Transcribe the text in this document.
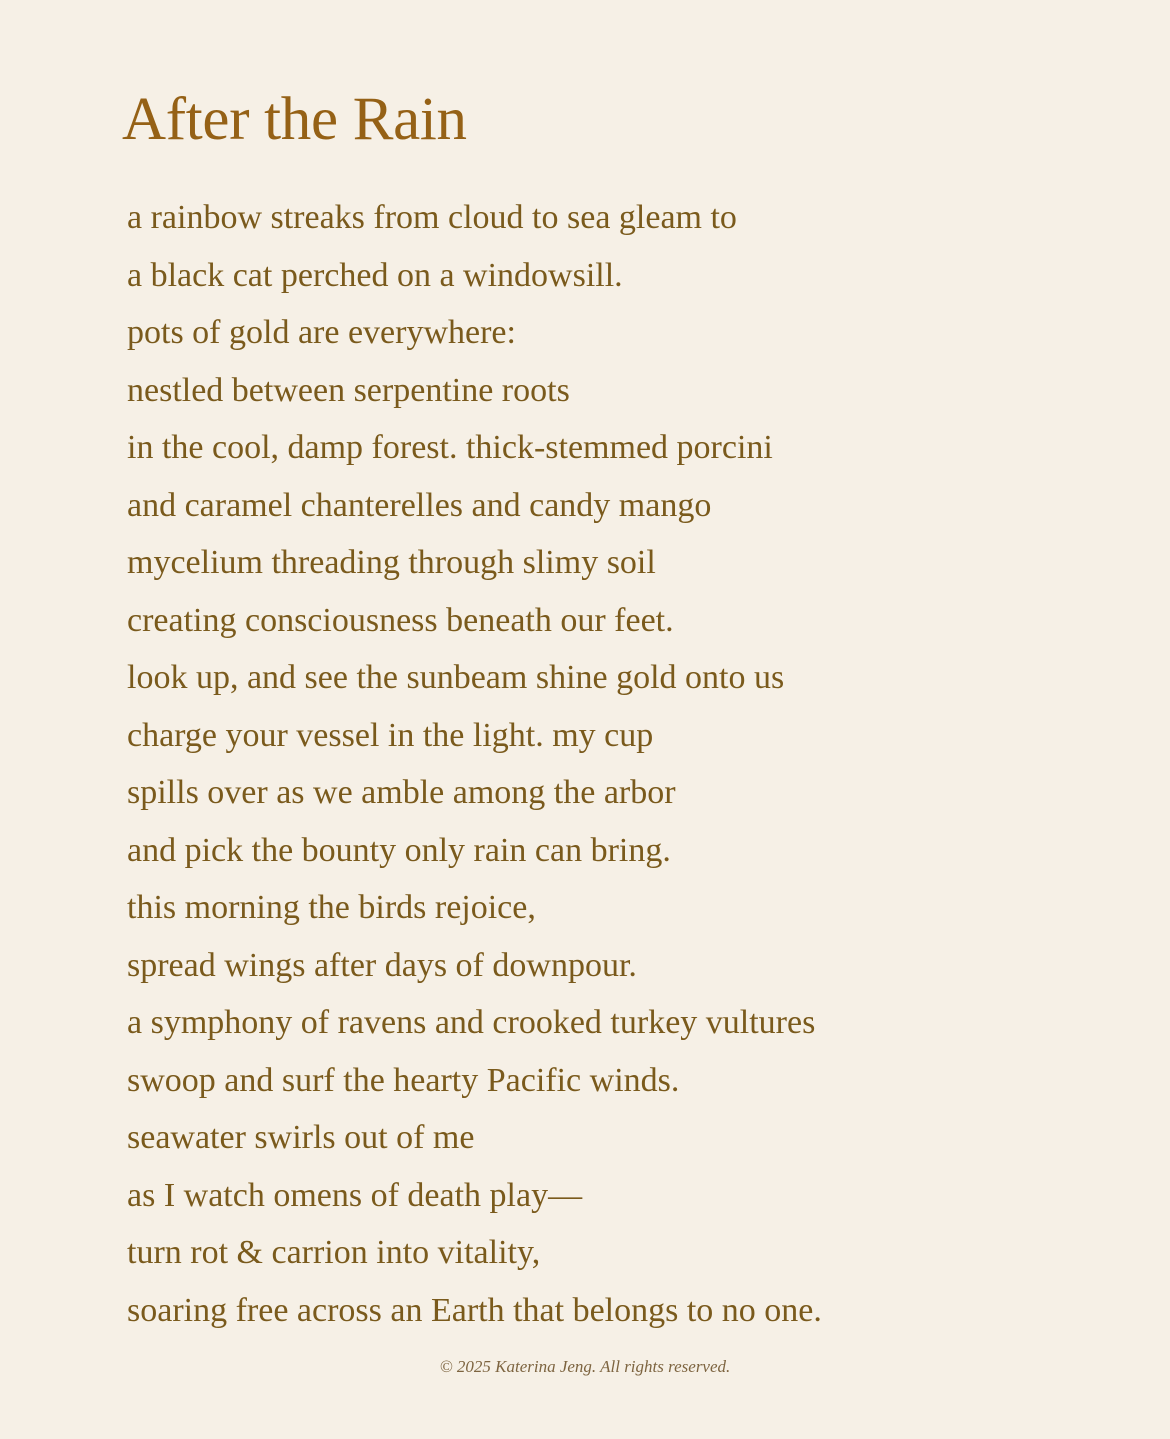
After the Rain
a rainbow streaks from cloud to sea gleam to
a black cat perched on a windowsill.
pots of gold are everywhere:
nestled between serpentine roots
in the cool, damp forest. thick-stemmed porcini
and caramel chanterelles and candy mango
mycelium threading through slimy soil
creating consciousness beneath our feet.
look up, and see the sunbeam shine gold onto us
charge your vessel in the light. my cup
spills over as we amble among the arbor
and pick the bounty only rain can bring.
this morning the birds rejoice,
spread wings after days of downpour.
a symphony of ravens and crooked turkey vultures
swoop and surf the hearty Pacific winds.
seawater swirls out of me
as I watch omens of death play—
turn rot & carrion into vitality,
soaring free across an Earth that belongs to no one.
© 2025 Katerina Jeng. All rights reserved.
